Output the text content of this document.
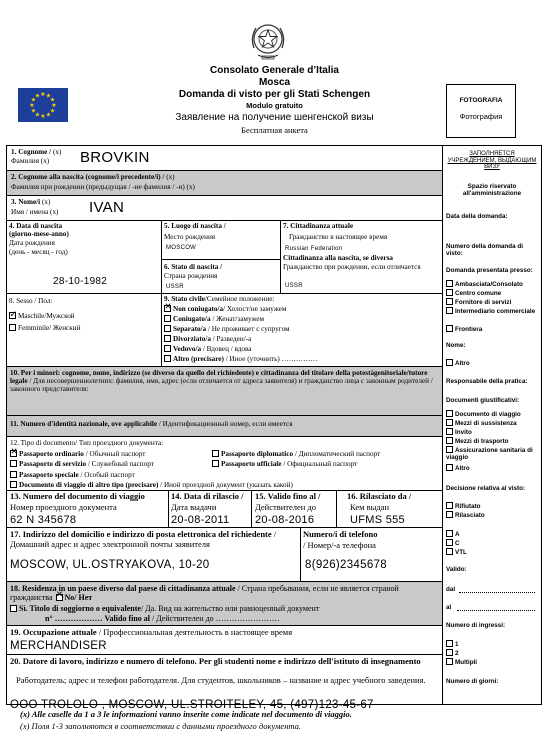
Consolato Generale d’Italia
Mosca
Domanda di visto per gli Stati Schengen
Modulo gratuito
Заявление на получение шенгенской визы
Бесплатная анкета
★ ★
★
★
★
★
★
★
★
★
★
★
FOTOGRAFIA
Фотография
1. Cognome / (x)
Фамилия (x) BROVKIN
2. Cognome alla nascita (cognome/i precedente/i) / (x)
Фамилия при рождении (предыдущая / -ие фамилия / -и) (x)
3. Nome/i (x)
Имя / имена (x) IVAN
4. Data di nascita
(giorno-mese-anno)
Дата рождения
(день - месяц - год)
28-10-1982
5. Luogo di nascita /
Место рождения
MOSCOW
6. Stato di nascita /
Страна рождения
USSR
7. Cittadinanza attuale
Гражданство в настоящее время
Russian Federation
Cittadinanza alla nascita, se diversa
Гражданство при рождении, если отличается
USSR
8. Sesso / Пол:
✓Maschile/Мужской
Femminile/ Женский
9. Stato civile/Семейное положение:
✕Non coniugato/a/ Холост/не замужем
Coniugato/a / Женат/замужем
Separato/a / Не проживает с супругом
Divorziato/a / Разведен/-а
Vedovo/a / Вдовец / вдова
Altro (precisare) / Иное (уточнить) ……………
10. Per i minori: cognome, nome, indirizzo (se diverso da quello del richiedente) e cittadinanza del titolare della potestàgenitoriale/tutore legale / Для несовершеннолетних: фамилия, имя, адрес (если отличается от адреса заявителя) и гражданство лица с законным родителей / законного представителя:
11. Numero d'identità nazionale, ove applicabile / Идентификационный номер, если имеется
12. Tipo di documento/ Тип проездного документа:
✕Passaporto ordinario / Обычный паспорт	Passaporto diplomatico / Дипломатический паспорт
Passaporto di servizio / Служебный паспорт	Passaporto ufficiale / Официальный паспорт
Passaporto speciale / Особый паспорт
Documento di viaggio di altro tipo (precisare) / Иной проездной документ (указать какой)
13. Numero del documento di viaggio
Номер проездного документа
62 N 345678
14. Data di rilascio /
Дата выдачи
20-08-2011
15. Valido fino al /
Действителен до
20-08-2016
16. Rilasciato da /
Кем выдан
UFMS 555
17. Indirizzo del domicilio e indirizzo di posta elettronica del richiedente /Домашний адрес и адрес электронной почты заявителя
MOSCOW, UL.OSTRYAKOVA, 10-20
Numero/i di telefono
/ Номер/-а телефона
8(926)2345678
18. Residenza in un paese diverso dal paese di cittadinanza attuale / Страна пребывания, если не является страной гражданства✕ No/ Нет
Sì. Titolo di soggiorno o equivalente/ Да. Вид на жительство или равноценный документ
n° ……………… Valido fino al / Действителен до ……………………
19. Occupazione attuale / Профессиональная деятельность в настоящее время
MERCHANDISER
20. Datore di lavoro, indirizzo e numero di telefono. Per gli studenti nome e indirizzo dell'istituto di insegnamento
Работодатель; адрес и телефон работодателя. Для студентов, школьников – название и адрес учебного заведения.
OOO TROLOLO , MOSCOW, UL.STROITELEY, 45, (497)123-45-67
(x) Alle caselle da 1 a 3 le informazioni vanno inserite come indicate nel documento di viaggio.
(x) Поля 1-3 заполняются в соответствии с данными проездного документа.
ЗАПОЛНЯЕТСЯ УЧРЕЖДЕНИЕМ, ВЫДАЮЩИМ ВИЗУ
Spazio riservato all'amministrazione
Data della domanda:
Numero della domanda di visto:
Domanda presentata presso:
Ambasciata/Consolato
Centro comune
Fornitore di servizi
Intermediario commerciale
Frontiera
Nome:
Altro
Responsabile della pratica:
Documenti giustificativi:
Documento di viaggio
Mezzi di sussistenza
Invito
Mezzi di trasporto
Assicurazione sanitaria di viaggio
Altro
Decisione relativa al visto:
Rifiutato
Rilasciato
A
C
VTL
Valido:
dal
al
Numero di ingressi:
1
2
Multipli
Numero di giorni:
